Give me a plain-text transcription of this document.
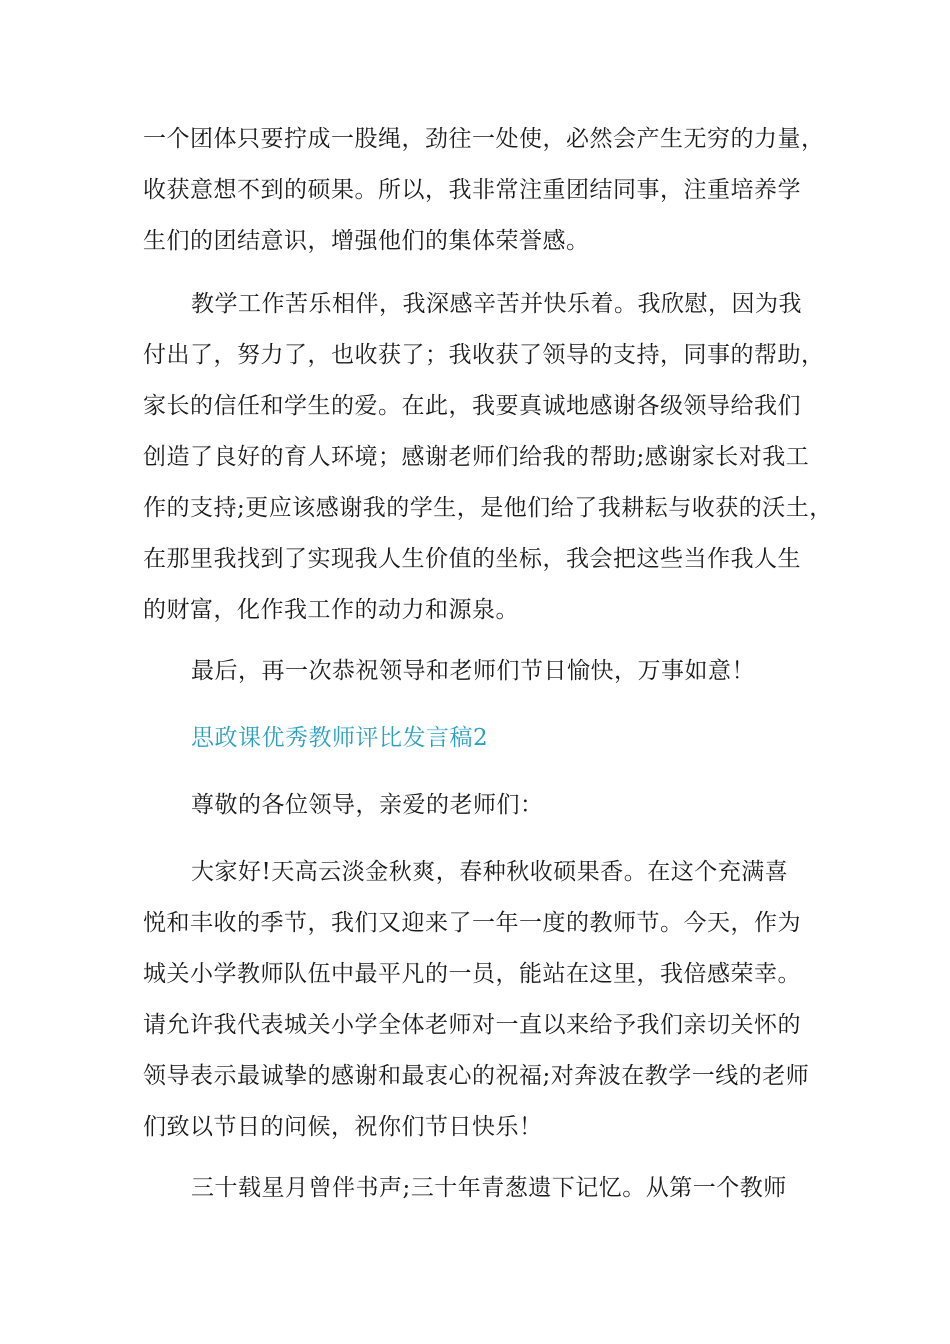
一个团体只要拧成一股绳，劲往一处使，必然会产生无穷的力量，
收获意想不到的硕果。所以，我非常注重团结同事，注重培养学
生们的团结意识，增强他们的集体荣誉感。

教学工作苦乐相伴，我深感辛苦并快乐着。我欣慰，因为我
付出了，努力了，也收获了；我收获了领导的支持，同事的帮助，
家长的信任和学生的爱。在此，我要真诚地感谢各级领导给我们
创造了良好的育人环境；感谢老师们给我的帮助;感谢家长对我工
作的支持;更应该感谢我的学生，是他们给了我耕耘与收获的沃土，
在那里我找到了实现我人生价值的坐标，我会把这些当作我人生
的财富，化作我工作的动力和源泉。

最后，再一次恭祝领导和老师们节日愉快，万事如意！

思政课优秀教师评比发言稿2

尊敬的各位领导，亲爱的老师们：

大家好!天高云淡金秋爽，春种秋收硕果香。在这个充满喜
悦和丰收的季节，我们又迎来了一年一度的教师节。今天，作为
城关小学教师队伍中最平凡的一员，能站在这里，我倍感荣幸。
请允许我代表城关小学全体老师对一直以来给予我们亲切关怀的
领导表示最诚挚的感谢和最衷心的祝福;对奔波在教学一线的老师
们致以节日的问候，祝你们节日快乐！

三十载星月曾伴书声;三十年青葱遗下记忆。从第一个教师
